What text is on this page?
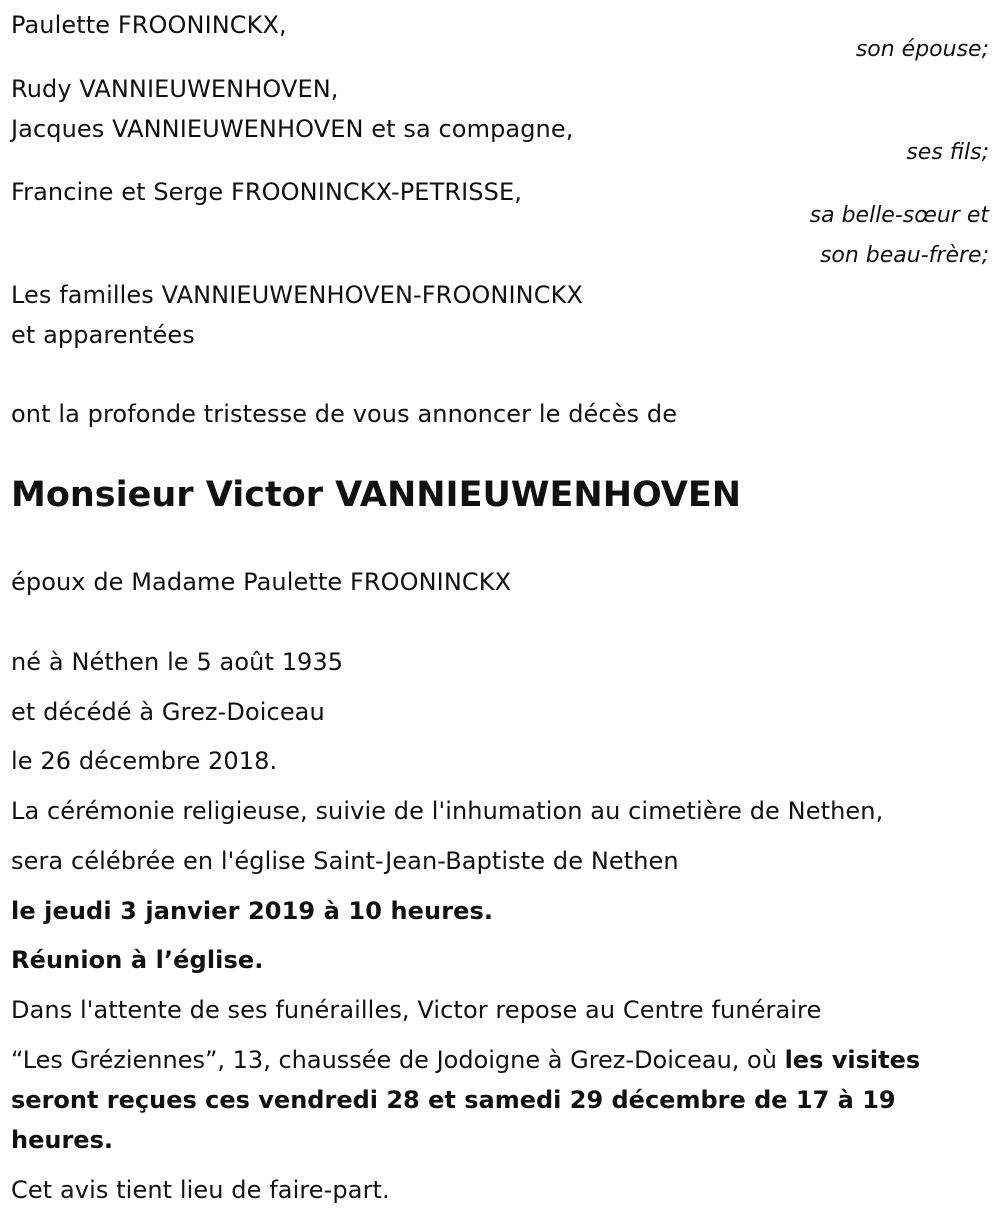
Paulette FROONINCKX,
son épouse;
Rudy VANNIEUWENHOVEN,
Jacques VANNIEUWENHOVEN et sa compagne,
ses fils;
Francine et Serge FROONINCKX-PETRISSE,
sa belle-sœur et
son beau-frère;
Les familles VANNIEUWENHOVEN-FROONINCKX
et apparentées
ont la profonde tristesse de vous annoncer le décès de
Monsieur Victor VANNIEUWENHOVEN
époux de Madame Paulette FROONINCKX
né à Néthen le 5 août 1935
et décédé à Grez-Doiceau
le 26 décembre 2018.
La cérémonie religieuse, suivie de l'inhumation au cimetière de Nethen,
sera célébrée en l'église Saint-Jean-Baptiste de Nethen
le jeudi 3 janvier 2019 à 10 heures.
Réunion à l’église.
Dans l'attente de ses funérailles, Victor repose au Centre funéraire
“Les Gréziennes”, 13, chaussée de Jodoigne à Grez-Doiceau, où les visites seront reçues ces vendredi 28 et samedi 29 décembre de 17 à 19 heures.
Cet avis tient lieu de faire-part.
